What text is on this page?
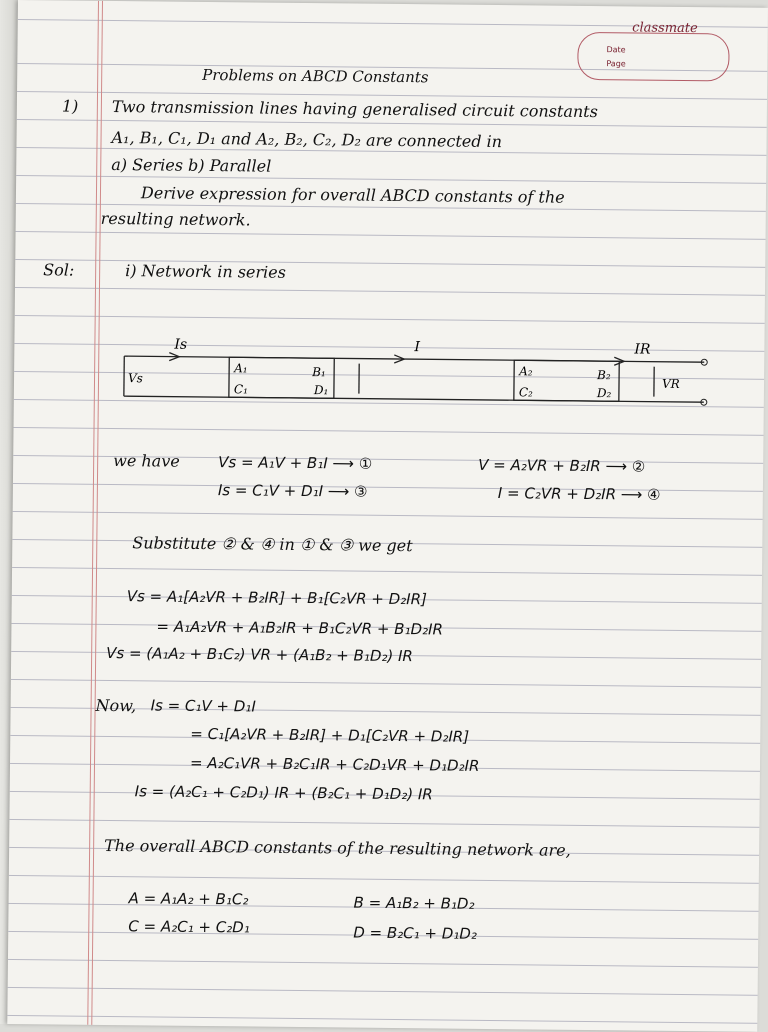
classmate
Date
Page
Problems on ABCD Constants
1) Two transmission lines having generalised circuit constants
A₁, B₁, C₁, D₁ and A₂, B₂, C₂, D₂ are connected in
a) Series b) Parallel
Derive expression for overall ABCD constants of the
resulting network.
Sol:	i) Network in series
Is	I	IR
Vs	VR
A₁	B₁
C₁	D₁
A₂	B₂
C₂	D₂
we have	Vs = A₁V + B₁I ⟶ ①	V = A₂VR + B₂IR ⟶ ②
Is = C₁V + D₁I ⟶ ③	I = C₂VR + D₂IR ⟶ ④
Substitute ② & ④ in ① & ③ we get
Vs = A₁[A₂VR + B₂IR] + B₁[C₂VR + D₂IR]
= A₁A₂VR + A₁B₂IR + B₁C₂VR + B₁D₂IR
Vs = (A₁A₂ + B₁C₂) VR + (A₁B₂ + B₁D₂) IR
Now, Is = C₁V + D₁I
= C₁[A₂VR + B₂IR] + D₁[C₂VR + D₂IR]
= A₂C₁VR + B₂C₁IR + C₂D₁VR + D₁D₂IR
Is = (A₂C₁ + C₂D₁) IR + (B₂C₁ + D₁D₂) IR
The overall ABCD constants of the resulting network are,
A = A₁A₂ + B₁C₂	B = A₁B₂ + B₁D₂
C = A₂C₁ + C₂D₁	D = B₂C₁ + D₁D₂
